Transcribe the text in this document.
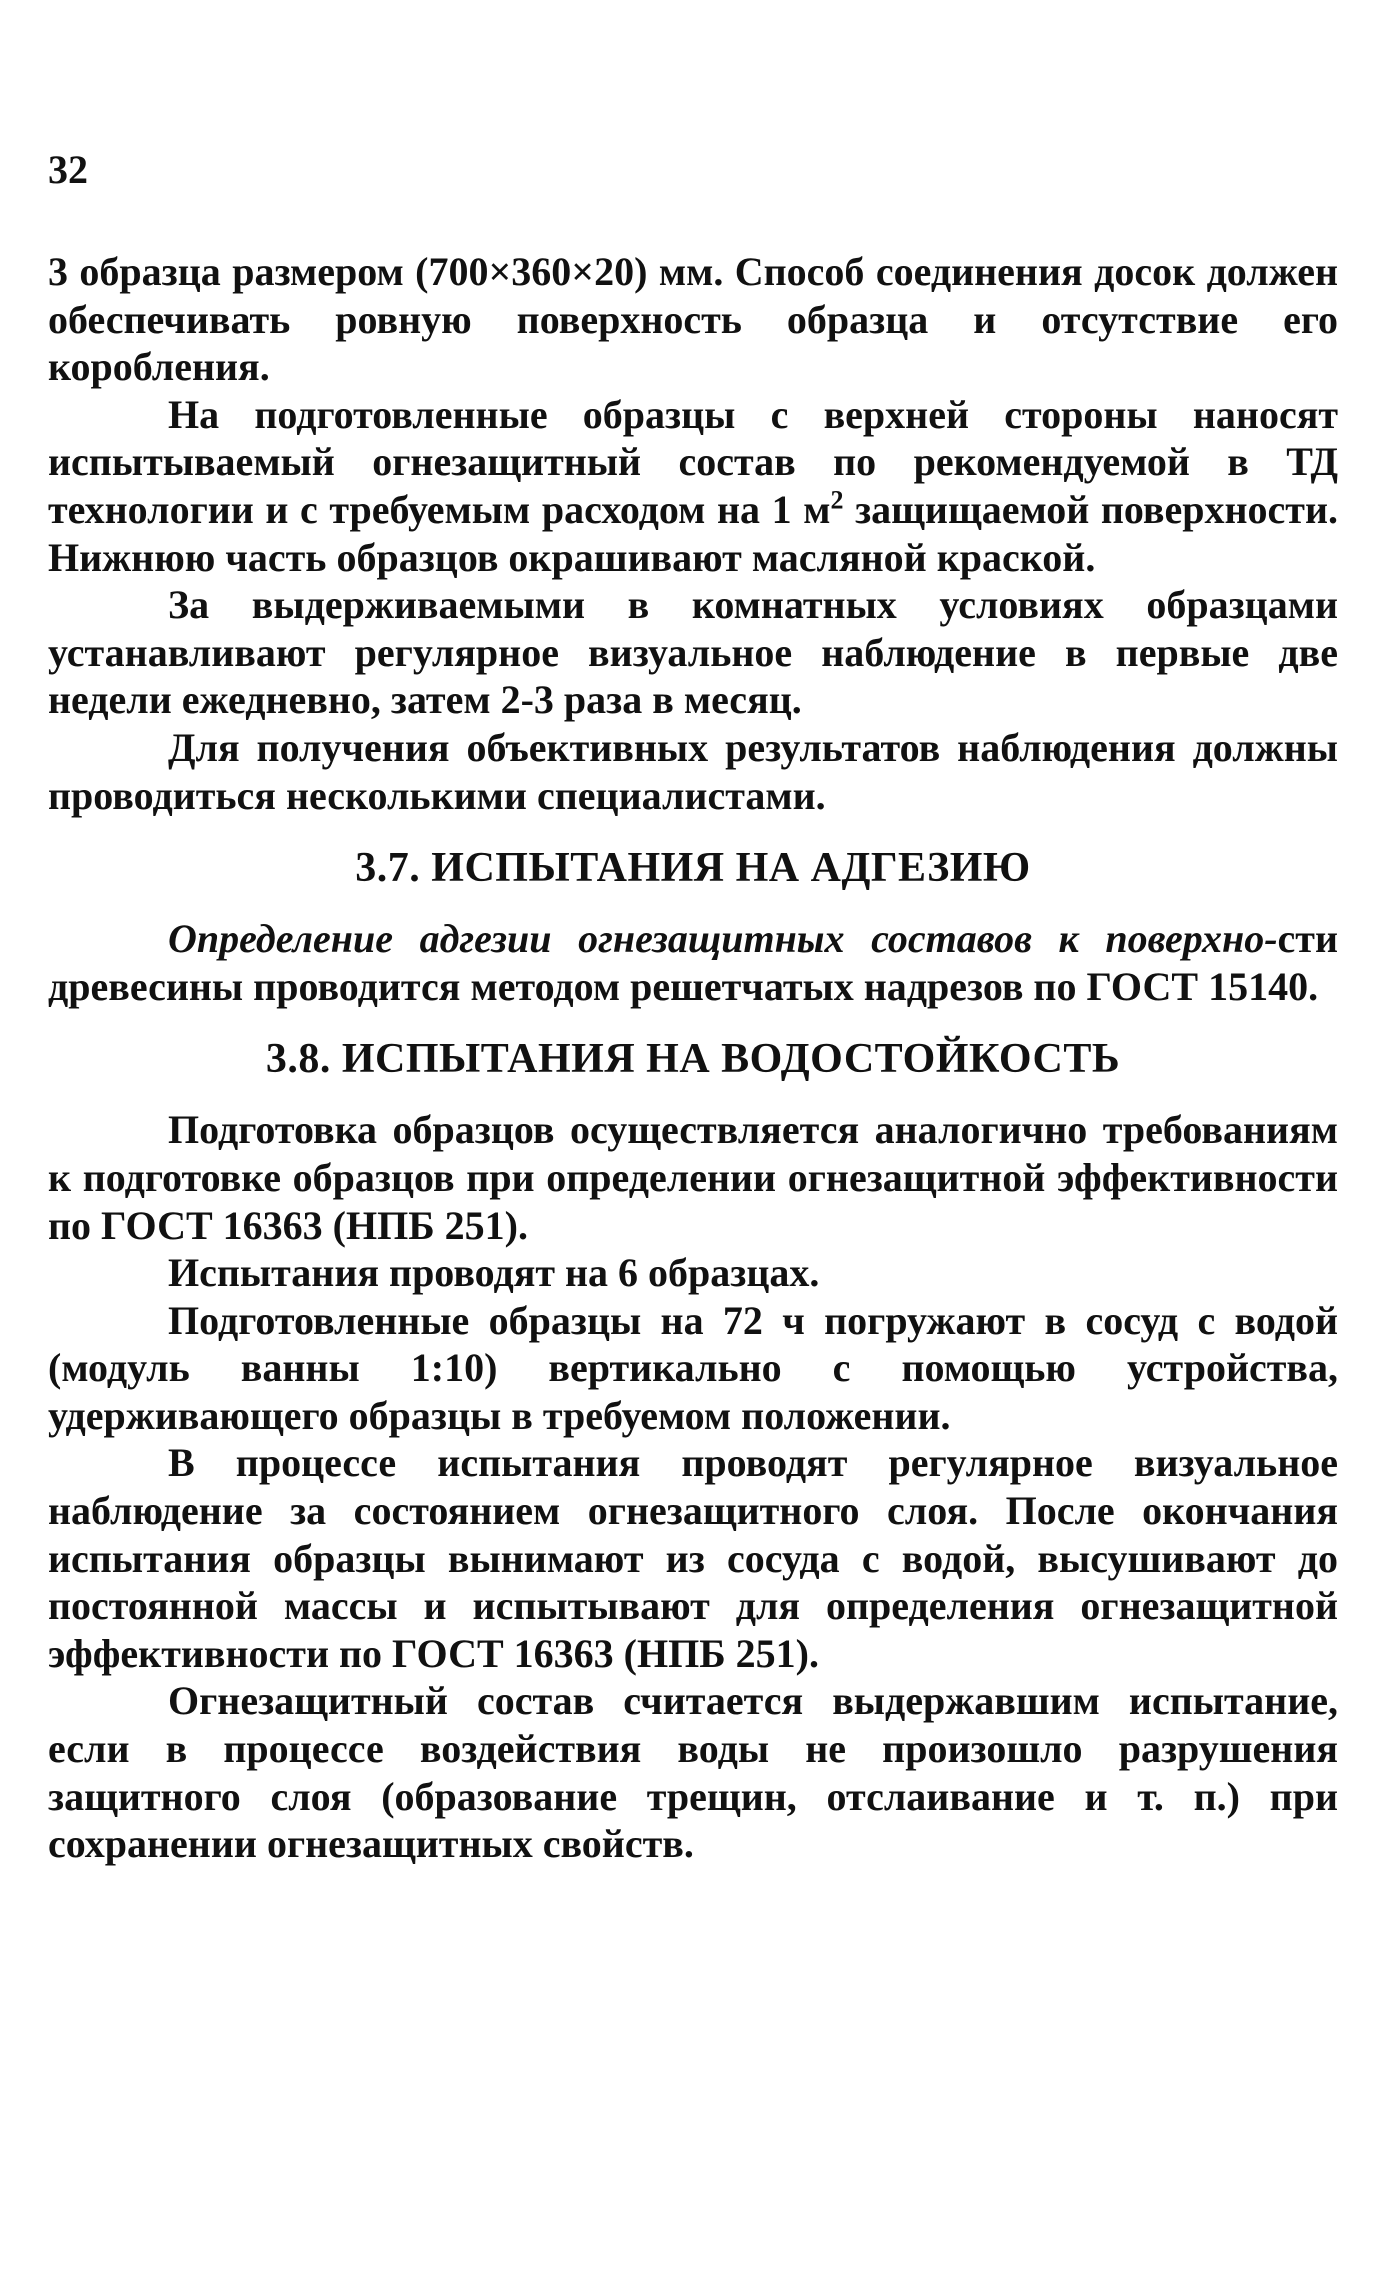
32

3 образца размером (700×360×20) мм. Способ соединения досок должен обеспечивать ровную поверхность образца и отсутствие его коробления.

На подготовленные образцы с верхней стороны наносят испытываемый огнезащитный состав по рекомендуемой в ТД технологии и с требуемым расходом на 1 $м^2$ защищаемой поверхности. Нижнюю часть образцов окрашивают масляной краской.

За выдерживаемыми в комнатных условиях образцами устанавливают регулярное визуальное наблюдение в первые две недели ежедневно, затем 2-3 раза в месяц.

Для получения объективных результатов наблюдения должны проводиться несколькими специалистами.

3.7. ИСПЫТАНИЯ НА АДГЕЗИЮ

Определение адгезии огнезащитных составов к поверхно-сти древесины проводится методом решетчатых надрезов по ГОСТ 15140.

3.8. ИСПЫТАНИЯ НА ВОДОСТОЙКОСТЬ

Подготовка образцов осуществляется аналогично требованиям к подготовке образцов при определении огнезащитной эффективности по ГОСТ 16363 (НПБ 251).

Испытания проводят на 6 образцах.

Подготовленные образцы на 72 ч погружают в сосуд с водой (модуль ванны 1:10) вертикально с помощью устройства, удерживающего образцы в требуемом положении.

В процессе испытания проводят регулярное визуальное наблюдение за состоянием огнезащитного слоя. После окончания испытания образцы вынимают из сосуда с водой, высушивают до постоянной массы и испытывают для определения огнезащитной эффективности по ГОСТ 16363 (НПБ 251).

Огнезащитный состав считается выдержавшим испытание, если в процессе воздействия воды не произошло разрушения защитного слоя (образование трещин, отслаивание и т. п.) при сохранении огнезащитных свойств.
